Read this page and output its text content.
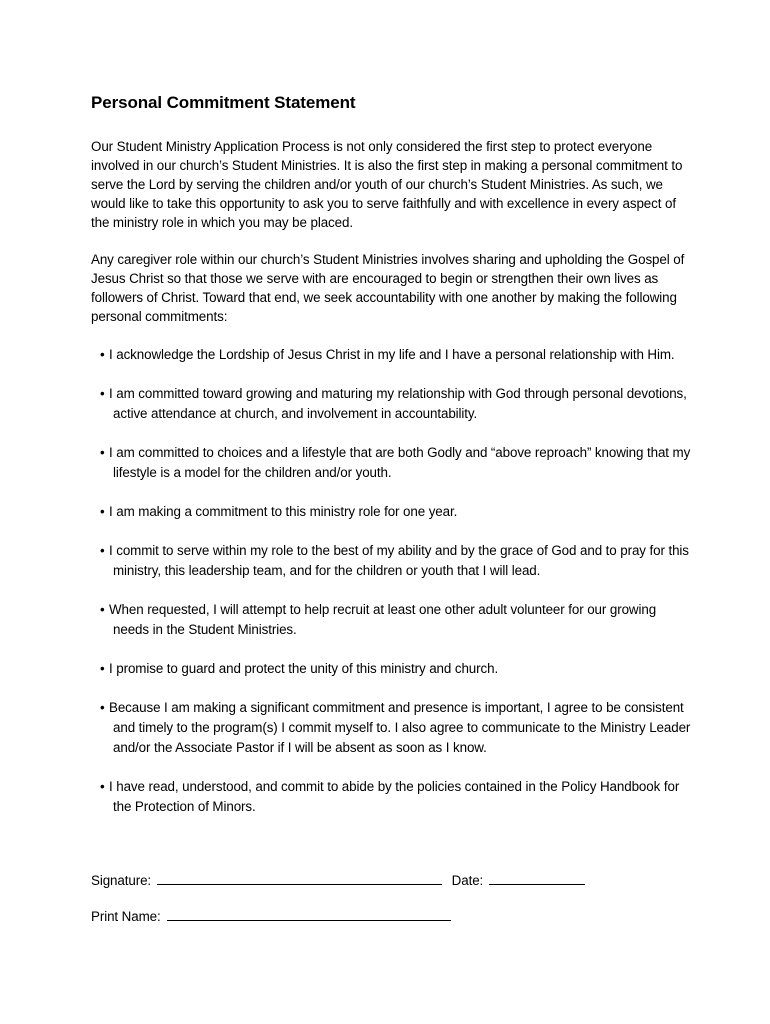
Personal Commitment Statement

Our Student Ministry Application Process is not only considered the first step to protect everyone involved in our church’s Student Ministries. It is also the first step in making a personal commitment to serve the Lord by serving the children and/or youth of our church’s Student Ministries. As such, we would like to take this opportunity to ask you to serve faithfully and with excellence in every aspect of the ministry role in which you may be placed.

Any caregiver role within our church’s Student Ministries involves sharing and upholding the Gospel of Jesus Christ so that those we serve with are encouraged to begin or strengthen their own lives as followers of Christ. Toward that end, we seek accountability with one another by making the following personal commitments:

• I acknowledge the Lordship of Jesus Christ in my life and I have a personal relationship with Him.
• I am committed toward growing and maturing my relationship with God through personal devotions, active attendance at church, and involvement in accountability.
• I am committed to choices and a lifestyle that are both Godly and “above reproach” knowing that my lifestyle is a model for the children and/or youth.
• I am making a commitment to this ministry role for one year.
• I commit to serve within my role to the best of my ability and by the grace of God and to pray for this ministry, this leadership team, and for the children or youth that I will lead.
• When requested, I will attempt to help recruit at least one other adult volunteer for our growing needs in the Student Ministries.
• I promise to guard and protect the unity of this ministry and church.
• Because I am making a significant commitment and presence is important, I agree to be consistent and timely to the program(s) I commit myself to. I also agree to communicate to the Ministry Leader and/or the Associate Pastor if I will be absent as soon as I know.
• I have read, understood, and commit to abide by the policies contained in the Policy Handbook for the Protection of Minors.
Signature:	Date:
Print Name:
